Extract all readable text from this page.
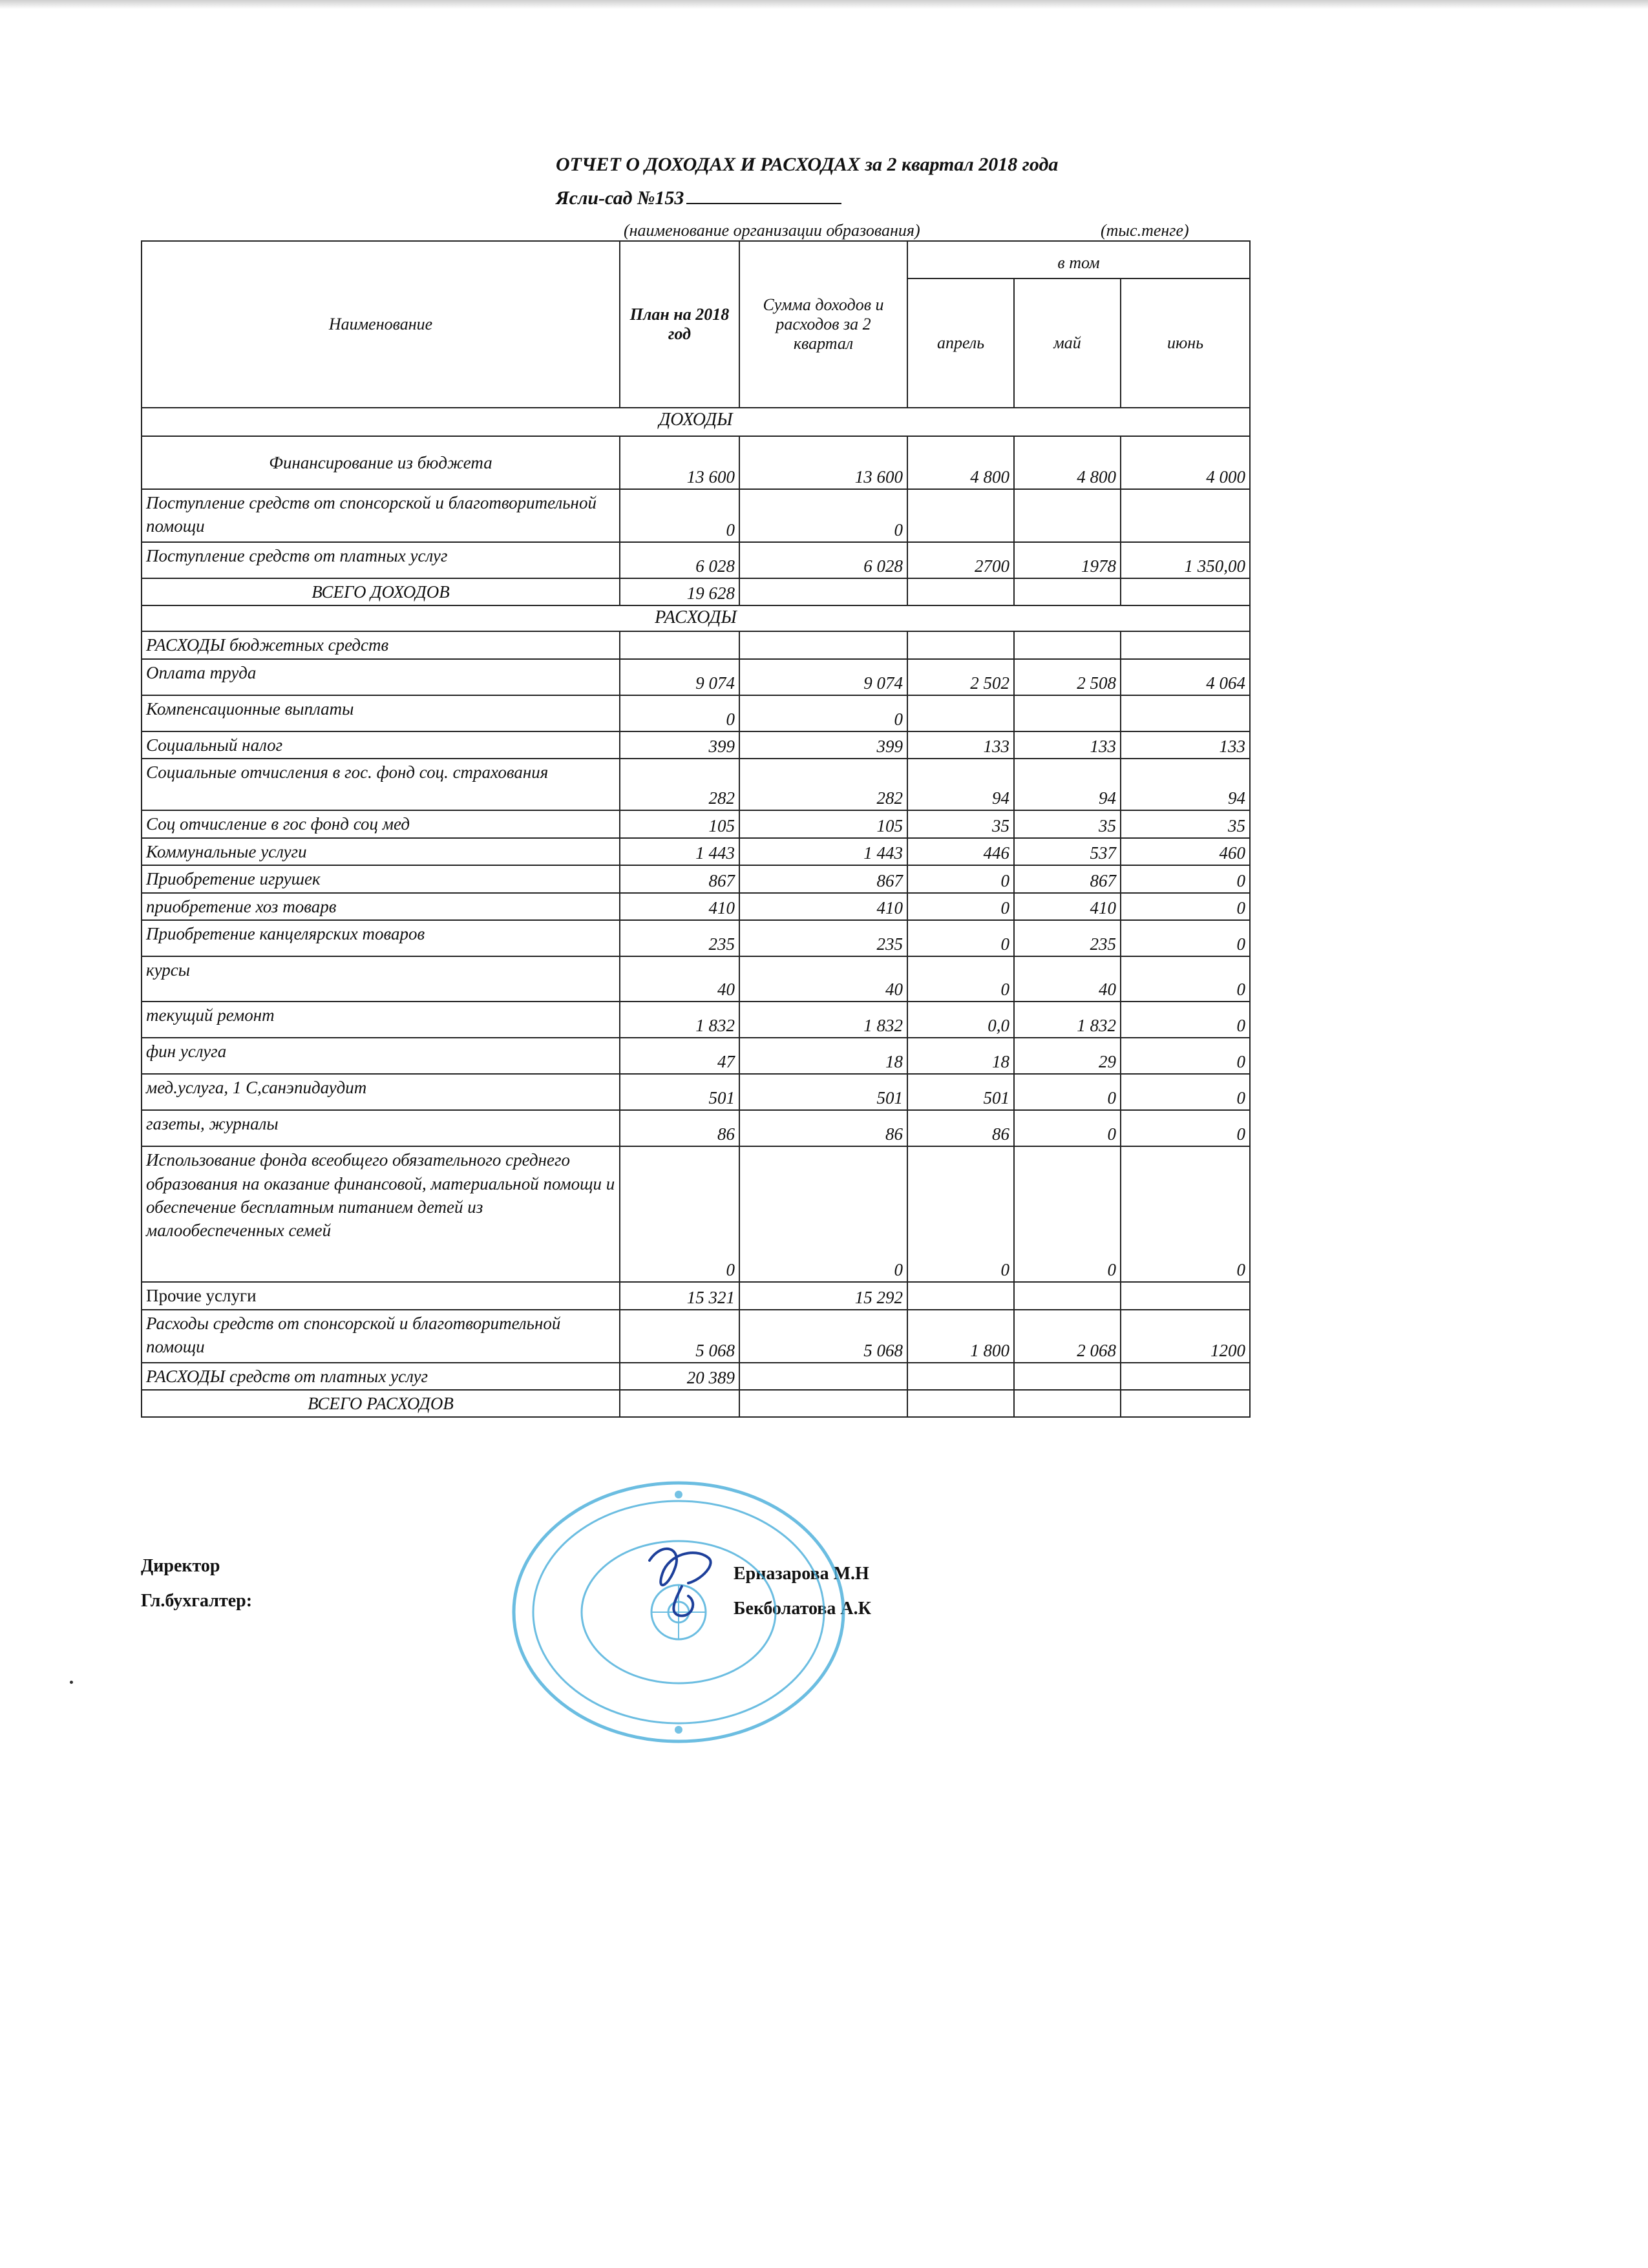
ОТЧЕТ О ДОХОДАХ И РАСХОДАХ за 2 квартал 2018 года
Ясли-сад №153
(наименование организации образования)	(тыс.тенге)
Наименование	План на 2018 год	Сумма доходов и расходов за 2 квартал	в том		
			апрель	май	июнь
ДОХОДЫ					
Финансирование из бюджета	13 600	13 600	4 800	4 800	4 000
Поступление средств от спонсорской и благотворительной помощи	0	0			
Поступление средств от платных услуг	6 028	6 028	2700	1978	1 350,00
ВСЕГО ДОХОДОВ	19 628				
РАСХОДЫ					
РАСХОДЫ бюджетных средств					
Оплата труда	9 074	9 074	2 502	2 508	4 064
Компенсационные выплаты	0	0			
Социальный налог	399	399	133	133	133
Социальные отчисления в гос. фонд соц. страхования	282	282	94	94	94
Соц отчисление в гос фонд соц мед	105	105	35	35	35
Коммунальные услуги	1 443	1 443	446	537	460
Приобретение игрушек	867	867	0	867	0
приобретение хоз товарв	410	410	0	410	0
Приобретение канцелярских товаров	235	235	0	235	0
курсы	40	40	0	40	0
текущий ремонт	1 832	1 832	0,0	1 832	0
фин услуга	47	18	18	29	0
мед.услуга, 1 С,санэпидаудит	501	501	501	0	0
газеты, журналы	86	86	86	0	0
Использование фонда всеобщего обязательного среднего образования на оказание финансовой, материальной помощи и обеспечение бесплатным питанием детей из малообеспеченных семей	0	0	0	0	0
Прочие услуги	15 321	15 292			
Расходы средств от спонсорской и благотворительной помощи	5 068	5 068	1 800	2 068	1200
РАСХОДЫ средств от платных услуг	20 389				
ВСЕГО РАСХОДОВ					
Директор	Ерназарова М.Н
Гл.бухгалтер:	Бекболатова А.К
